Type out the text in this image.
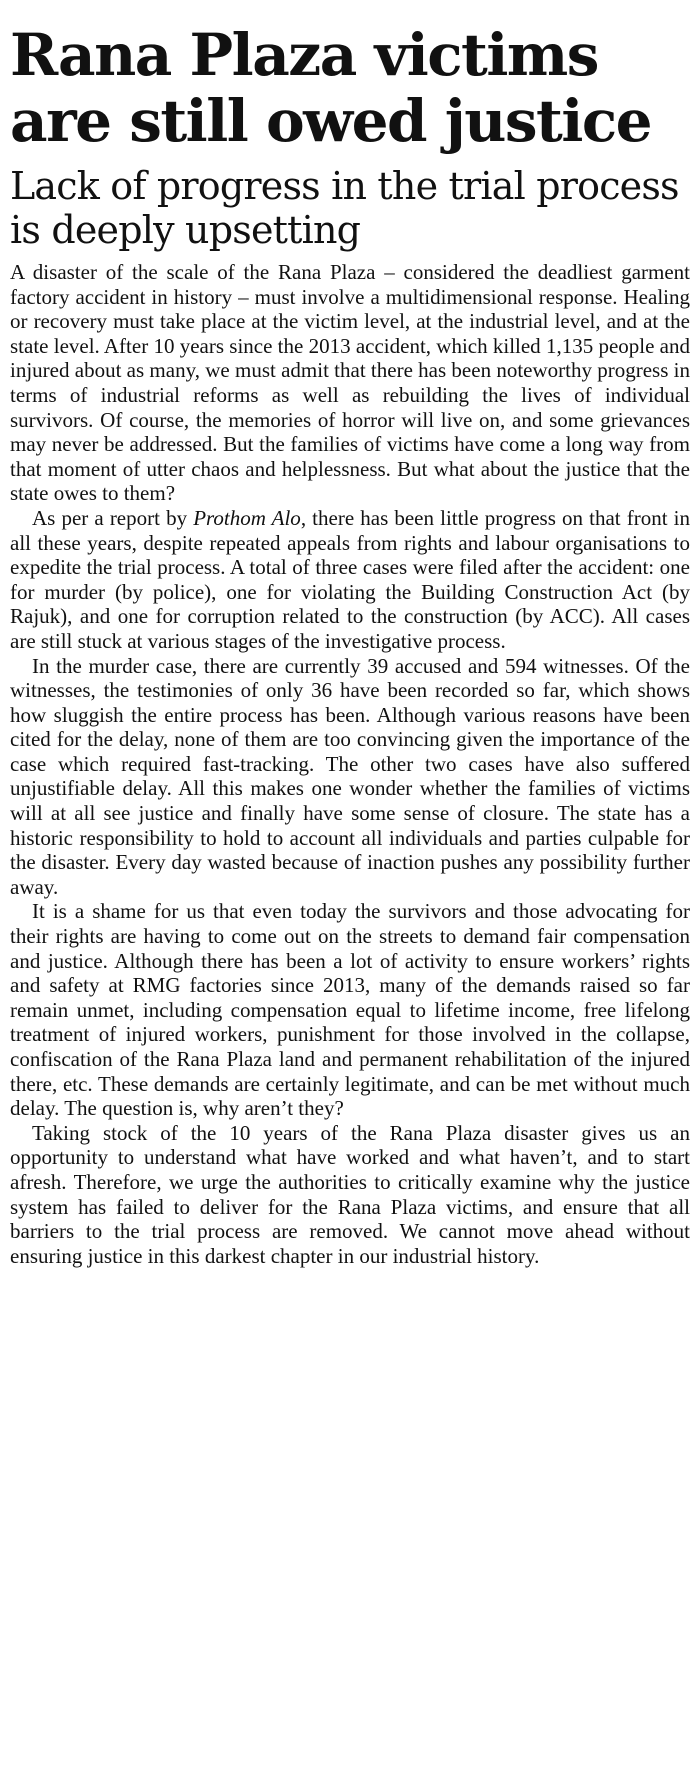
Rana Plaza victims are still owed justice
Lack of progress in the trial process is deeply upsetting

A disaster of the scale of the Rana Plaza – considered the deadliest garment factory accident in history – must involve a multidimensional response. Healing or recovery must take place at the victim level, at the industrial level, and at the state level. After 10 years since the 2013 accident, which killed 1,135 people and injured about as many, we must admit that there has been noteworthy progress in terms of industrial reforms as well as rebuilding the lives of individual survivors. Of course, the memories of horror will live on, and some grievances may never be addressed. But the families of victims have come a long way from that moment of utter chaos and helplessness. But what about the justice that the state owes to them?

As per a report by Prothom Alo, there has been little progress on that front in all these years, despite repeated appeals from rights and labour organisations to expedite the trial process. A total of three cases were filed after the accident: one for murder (by police), one for violating the Building Construction Act (by Rajuk), and one for corruption related to the construction (by ACC). All cases are still stuck at various stages of the investigative process.

In the murder case, there are currently 39 accused and 594 witnesses. Of the witnesses, the testimonies of only 36 have been recorded so far, which shows how sluggish the entire process has been. Although various reasons have been cited for the delay, none of them are too convincing given the importance of the case which required fast-tracking. The other two cases have also suffered unjustifiable delay. All this makes one wonder whether the families of victims will at all see justice and finally have some sense of closure. The state has a historic responsibility to hold to account all individuals and parties culpable for the disaster. Every day wasted because of inaction pushes any possibility further away.

It is a shame for us that even today the survivors and those advocating for their rights are having to come out on the streets to demand fair compensation and justice. Although there has been a lot of activity to ensure workers’ rights and safety at RMG factories since 2013, many of the demands raised so far remain unmet, including compensation equal to lifetime income, free lifelong treatment of injured workers, punishment for those involved in the collapse, confiscation of the Rana Plaza land and permanent rehabilitation of the injured there, etc. These demands are certainly legitimate, and can be met without much delay. The question is, why aren’t they?

Taking stock of the 10 years of the Rana Plaza disaster gives us an opportunity to understand what have worked and what haven’t, and to start afresh. Therefore, we urge the authorities to critically examine why the justice system has failed to deliver for the Rana Plaza victims, and ensure that all barriers to the trial process are removed. We cannot move ahead without ensuring justice in this darkest chapter in our industrial history.
